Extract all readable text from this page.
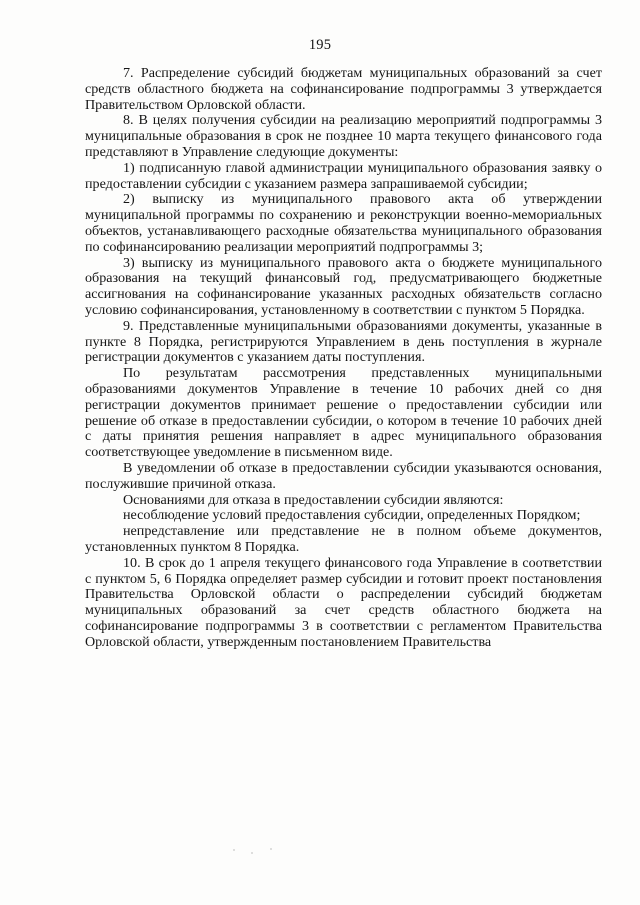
195

7. Распределение субсидий бюджетам муниципальных образований за счет средств областного бюджета на софинансирование подпрограммы 3 утверждается Правительством Орловской области.

8. В целях получения субсидии на реализацию мероприятий подпрограммы 3 муниципальные образования в срок не позднее 10 марта текущего финансового года представляют в Управление следующие документы:

1) подписанную главой администрации муниципального образования заявку о предоставлении субсидии с указанием размера запрашиваемой субсидии;

2) выписку из муниципального правового акта об утверждении муниципальной программы по сохранению и реконструкции военно-мемориальных объектов, устанавливающего расходные обязательства муниципального образования по софинансированию реализации мероприятий подпрограммы 3;

3) выписку из муниципального правового акта о бюджете муниципального образования на текущий финансовый год, предусматривающего бюджетные ассигнования на софинансирование указанных расходных обязательств согласно условию софинансирования, установленному в соответствии с пунктом 5 Порядка.

9. Представленные муниципальными образованиями документы, указанные в пункте 8 Порядка, регистрируются Управлением в день поступления в журнале регистрации документов с указанием даты поступления.

По результатам рассмотрения представленных муниципальными образованиями документов Управление в течение 10 рабочих дней со дня регистрации документов принимает решение о предоставлении субсидии или решение об отказе в предоставлении субсидии, о котором в течение 10 рабочих дней с даты принятия решения направляет в адрес муниципального образования соответствующее уведомление в письменном виде.

В уведомлении об отказе в предоставлении субсидии указываются основания, послужившие причиной отказа.

Основаниями для отказа в предоставлении субсидии являются:

несоблюдение условий предоставления субсидии, определенных Порядком;

непредставление или представление не в полном объеме документов, установленных пунктом 8 Порядка.

10. В срок до 1 апреля текущего финансового года Управление в соответствии с пунктом 5, 6 Порядка определяет размер субсидии и готовит проект постановления Правительства Орловской области о распределении субсидий бюджетам муниципальных образований за счет средств областного бюджета на софинансирование подпрограммы 3 в соответствии с регламентом Правительства Орловской области, утвержденным постановлением Правительства
